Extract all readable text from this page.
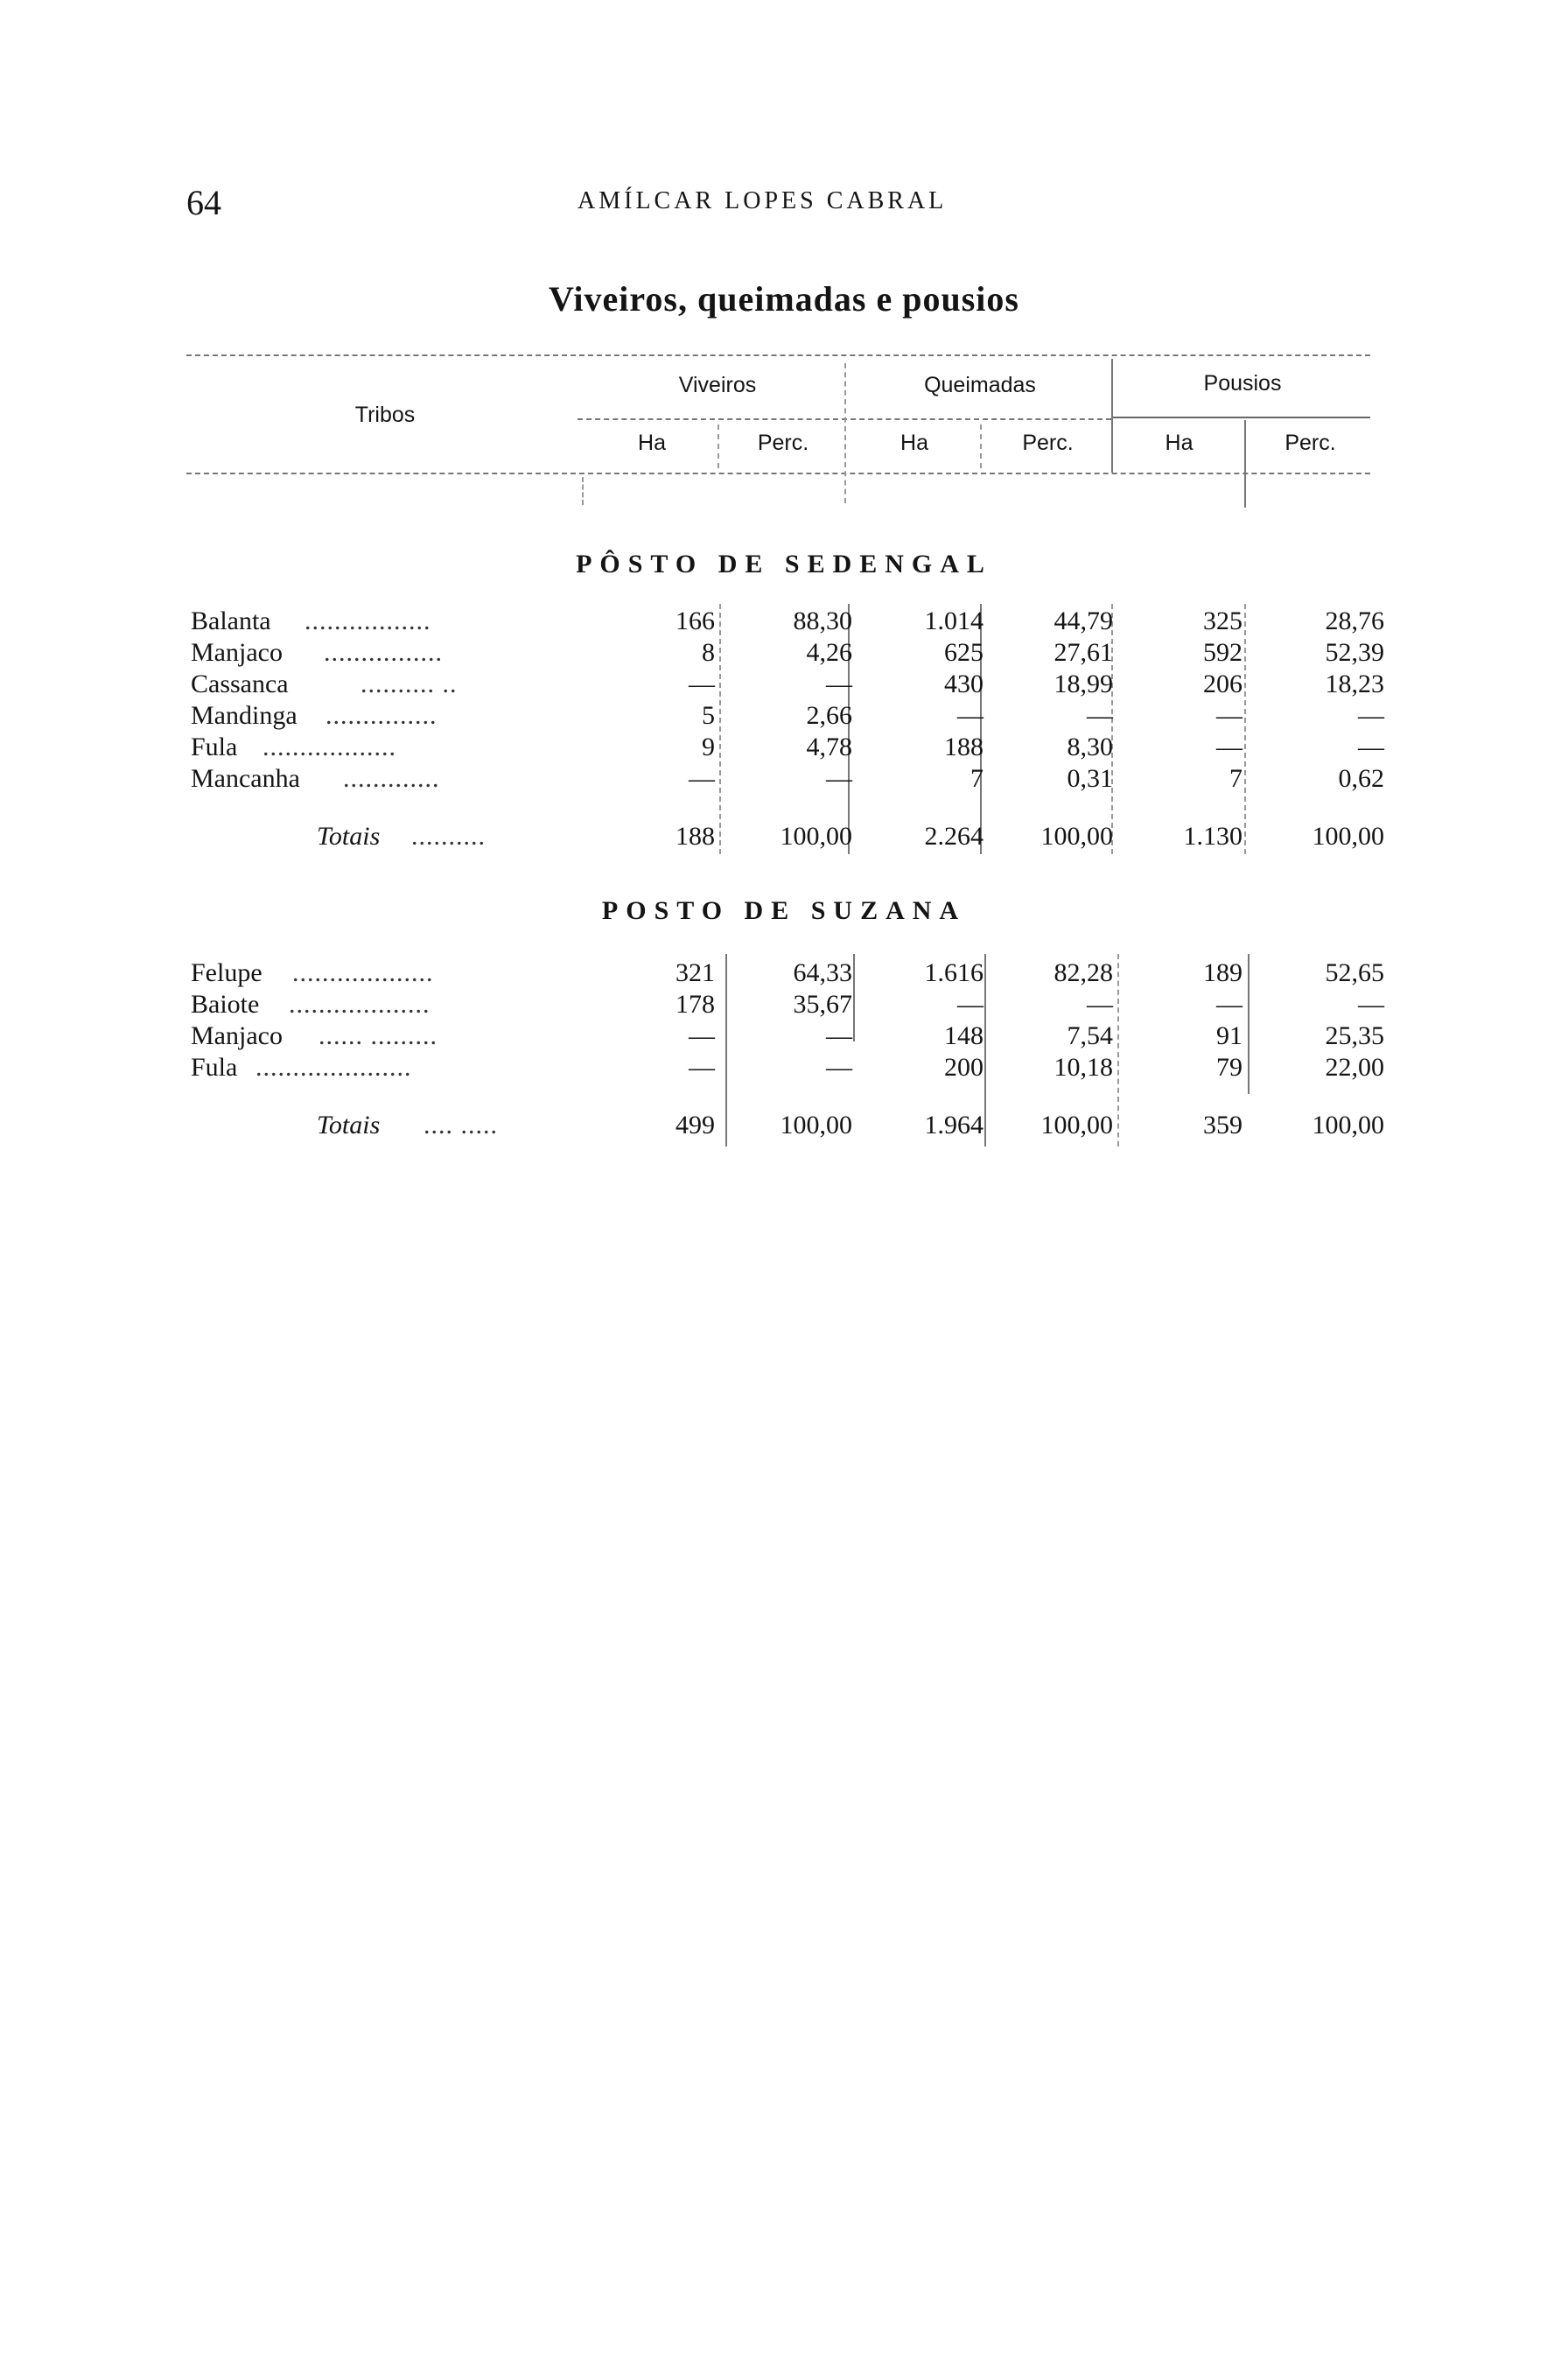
64	AMÍLCAR LOPES CABRAL
Viveiros, queimadas e pousios
Tribos
Viveiros	Queimadas	Pousios
Ha	Perc.	Ha	Perc.	Ha	Perc.
PÔSTO DE SEDENGAL
Balanta .................	166	88,30	1.014	44,79	325	28,76
Manjaco ................	8	4,26	625	27,61	592	52,39
Cassanca	.......... ..	—	—	430	18,99	206	18,23
Mandinga ...............	5	2,66	—	—	—	—
Fula ..................	9	4,78	188	8,30	—	—
Mancanha .............	—	—	7	0,31	7	0,62
Totais ..........	188 100,00	2.264 100,00	1.130	100,00
POSTO DE SUZANA
Felupe ...................	321	64,33	1.616	82,28	189	52,65
Baiote ...................	178	35,67	—	—	—	—
Manjaco ...... .........	—	—	148	7,54	91	25,35
Fula .....................	—	—	200	10,18	79	22,00
Totais .... .....	499 100,00	1.964 100,00	359	100,00
